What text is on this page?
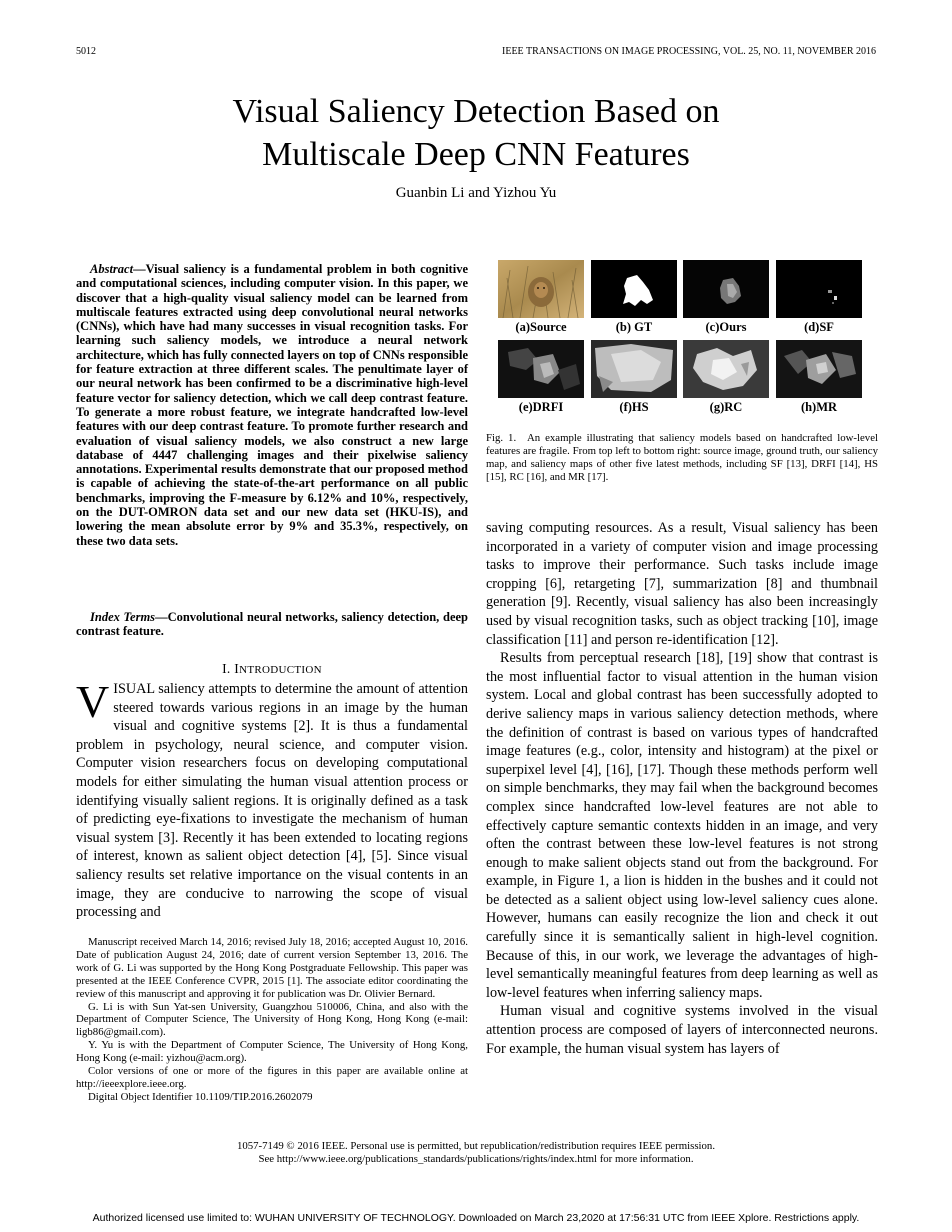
5012	IEEE TRANSACTIONS ON IMAGE PROCESSING, VOL. 25, NO. 11, NOVEMBER 2016
Visual Saliency Detection Based on
Multiscale Deep CNN Features
Guanbin Li and Yizhou Yu
Abstract—Visual saliency is a fundamental problem in both cognitive and computational sciences, including computer vision. In this paper, we discover that a high-quality visual saliency model can be learned from multiscale features extracted using deep convolutional neural networks (CNNs), which have had many successes in visual recognition tasks. For learning such saliency models, we introduce a neural network architecture, which has fully connected layers on top of CNNs responsible for feature extraction at three different scales. The penultimate layer of our neural network has been confirmed to be a discriminative high-level feature vector for saliency detection, which we call deep contrast feature. To generate a more robust feature, we integrate handcrafted low-level features with our deep contrast feature. To promote further research and evaluation of visual saliency models, we also construct a new large database of 4447 challenging images and their pixelwise saliency annotations. Experimental results demonstrate that our proposed method is capable of achieving the state-of-the-art performance on all public benchmarks, improving the F-measure by 6.12% and 10%, respectively, on the DUT-OMRON data set and our new data set (HKU-IS), and lowering the mean absolute error by 9% and 35.3%, respectively, on these two data sets.
Index Terms—Convolutional neural networks, saliency detection, deep contrast feature.
I. INTRODUCTION
VISUAL saliency attempts to determine the amount of attention steered towards various regions in an image by the human visual and cognitive systems [2]. It is thus a fundamental problem in psychology, neural science, and computer vision. Computer vision researchers focus on developing computational models for either simulating the human visual attention process or identifying visually salient regions. It is originally defined as a task of predicting eye-fixations to investigate the mechanism of human visual system [3]. Recently it has been extended to locating regions of interest, known as salient object detection [4], [5]. Since visual saliency results set relative importance on the visual contents in an image, they are conducive to narrowing the scope of visual processing and

Manuscript received March 14, 2016; revised July 18, 2016; accepted August 10, 2016. Date of publication August 24, 2016; date of current version September 13, 2016. The work of G. Li was supported by the Hong Kong Postgraduate Fellowship. This paper was presented at the IEEE Conference CVPR, 2015 [1]. The associate editor coordinating the review of this manuscript and approving it for publication was Dr. Olivier Bernard.

G. Li is with Sun Yat-sen University, Guangzhou 510006, China, and also with the Department of Computer Science, The University of Hong Kong, Hong Kong (e-mail: ligb86@gmail.com).

Y. Yu is with the Department of Computer Science, The University of Hong Kong, Hong Kong (e-mail: yizhou@acm.org).

Color versions of one or more of the figures in this paper are available online at http://ieeexplore.ieee.org.

Digital Object Identifier 10.1109/TIP.2016.2602079

(a)Source	(b) GT	(c)Ours	(d)SF
(e)DRFI	(f)HS	(g)RC	(h)MR
Fig. 1. An example illustrating that saliency models based on handcrafted low-level features are fragile. From top left to bottom right: source image, ground truth, our saliency map, and saliency maps of other five latest methods, including SF [13], DRFI [14], HS [15], RC [16], and MR [17].

saving computing resources. As a result, Visual saliency has been incorporated in a variety of computer vision and image processing tasks to improve their performance. Such tasks include image cropping [6], retargeting [7], summarization [8] and thumbnail generation [9]. Recently, visual saliency has also been increasingly used by visual recognition tasks, such as object tracking [10], image classification [11] and person re-identification [12].

Results from perceptual research [18], [19] show that contrast is the most influential factor to visual attention in the human vision system. Local and global contrast has been successfully adopted to derive saliency maps in various saliency detection methods, where the definition of contrast is based on various types of handcrafted image features (e.g., color, intensity and histogram) at the pixel or superpixel level [4], [16], [17]. Though these methods perform well on simple benchmarks, they may fail when the background becomes complex since handcrafted low-level features are not able to effectively capture semantic contexts hidden in an image, and very often the contrast between these low-level features is not strong enough to make salient objects stand out from the background. For example, in Figure 1, a lion is hidden in the bushes and it could not be detected as a salient object using low-level saliency cues alone. However, humans can easily recognize the lion and check it out carefully since it is semantically salient in high-level cognition. Because of this, in our work, we leverage the advantages of high-level semantically meaningful features from deep learning as well as low-level features when inferring saliency maps.

Human visual and cognitive systems involved in the visual attention process are composed of layers of interconnected neurons. For example, the human visual system has layers of

1057-7149 © 2016 IEEE. Personal use is permitted, but republication/redistribution requires IEEE permission.
See http://www.ieee.org/publications_standards/publications/rights/index.html for more information.
Authorized licensed use limited to: WUHAN UNIVERSITY OF TECHNOLOGY. Downloaded on March 23,2020 at 17:56:31 UTC from IEEE Xplore. Restrictions apply.
